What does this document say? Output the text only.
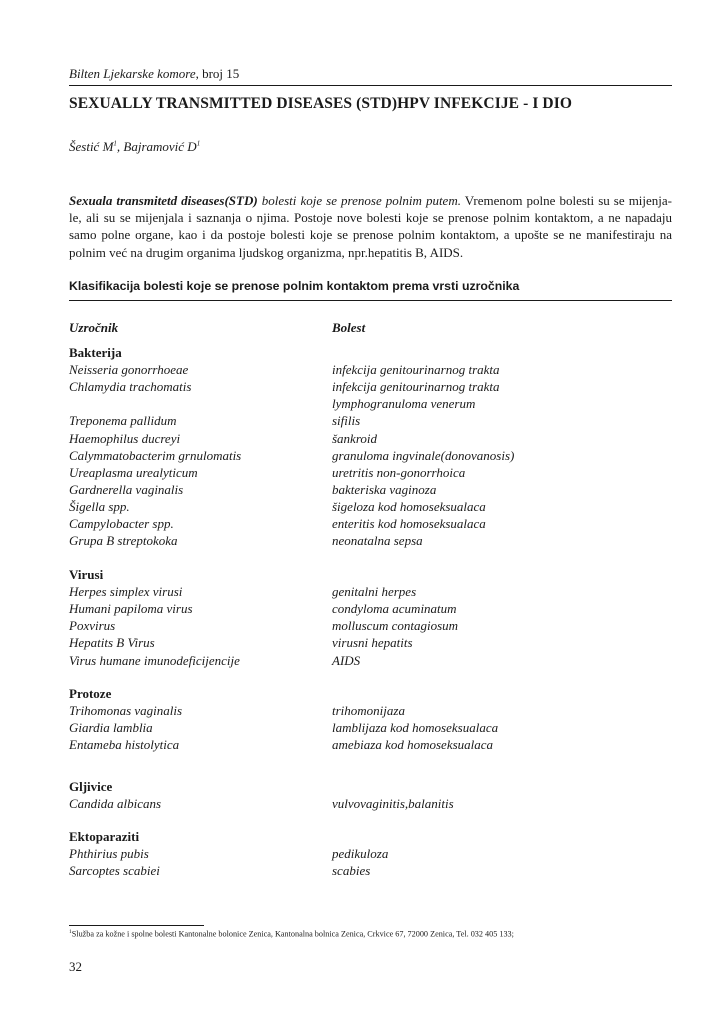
Bilten Ljekarske komore, broj 15
SEXUALLY TRANSMITTED DISEASES (STD)HPV INFEKCIJE - I DIO
Šestić $M^1$, Bajramović $D^1$
Sexuala transmitetd diseases(STD) bolesti koje se prenose polnim putem. Vremenom polne bolesti su se mijenja-le, ali su se mijenjala i saznanja o njima. Postoje nove bolesti koje se prenose polnim kontaktom, a ne napadaju samo polne organe, kao i da postoje bolesti koje se prenose polnim kontaktom, a upošte se ne manifestiraju na polnim već na drugim organima ljudskog organizma, npr.hepatitis B, AIDS.
Klasifikacija bolesti koje se prenose polnim kontaktom prema vrsti uzročnika
Uzročnik	Bolest
Bakterija
Neisseria gonorrhoeae	infekcija genitourinarnog trakta
Chlamydia trachomatis	infekcija genitourinarnog trakta
lymphogranuloma venerum
Treponema pallidum	sifilis
Haemophilus ducreyi	šankroid
Calymmatobacterim grnulomatis	granuloma ingvinale(donovanosis)
Ureaplasma urealyticum	uretritis non-gonorrhoica
Gardnerella vaginalis	bakteriska vaginoza
Šigella spp.	šigeloza kod homoseksualaca
Campylobacter spp.	enteritis kod homoseksualaca
Grupa B streptokoka	neonatalna sepsa
Virusi
Herpes simplex virusi	genitalni herpes
Humani papiloma virus	condyloma acuminatum
Poxvirus	molluscum contagiosum
Hepatits B Virus	virusni hepatits
Virus humane imunodeficijencije	AIDS
Protoze
Trihomonas vaginalis	trihomonijaza
Giardia lamblia	lamblijaza kod homoseksualaca
Entameba histolytica	amebiaza kod homoseksualaca
Gljivice
Candida albicans	vulvovaginitis,balanitis
Ektoparaziti
Phthirius pubis	pedikuloza
Sarcoptes scabiei	scabies
$^1$Služba za kožne i spolne bolesti Kantonalne bolonice Zenica, Kantonalna bolnica Zenica, Crkvice 67, 72000 Zenica, Tel. 032 405 133;
32
